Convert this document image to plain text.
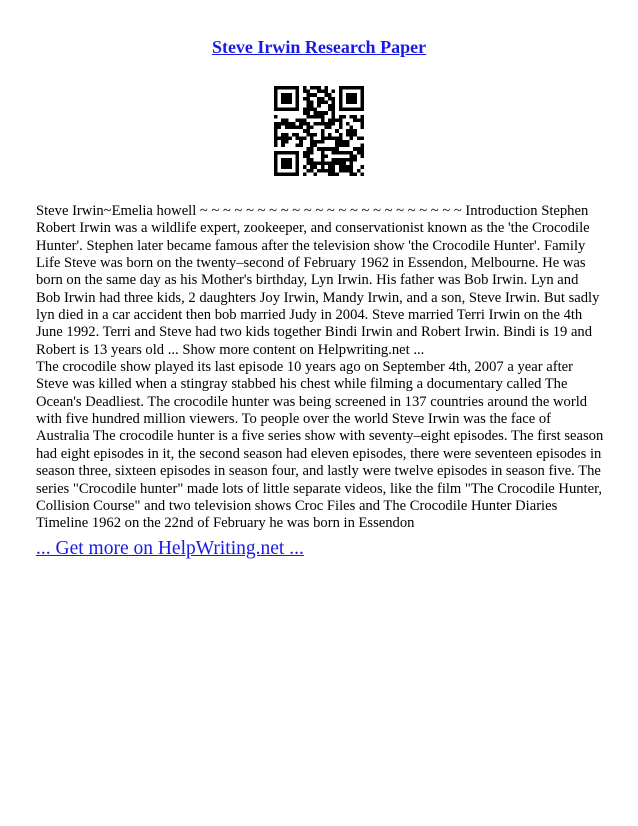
Steve Irwin Research Paper

Steve Irwin~Emelia howell ~ ~ ~ ~ ~ ~ ~ ~ ~ ~ ~ ~ ~ ~ ~ ~ ~ ~ ~ ~ ~ ~ ~ Introduction Stephen Robert Irwin was a wildlife expert, zookeeper, and conservationist known as the 'the Crocodile Hunter'. Stephen later became famous after the television show 'the Crocodile Hunter'. Family Life Steve was born on the twenty–second of February 1962 in Essendon, Melbourne. He was born on the same day as his Mother's birthday, Lyn Irwin. His father was Bob Irwin. Lyn and Bob Irwin had three kids, 2 daughters Joy Irwin, Mandy Irwin, and a son, Steve Irwin. But sadly lyn died in a car accident then bob married Judy in 2004. Steve married Terri Irwin on the 4th June 1992. Terri and Steve had two kids together Bindi Irwin and Robert Irwin. Bindi is 19 and Robert is 13 years old ... Show more content on Helpwriting.net ...

The crocodile show played its last episode 10 years ago on September 4th, 2007 a year after Steve was killed when a stingray stabbed his chest while filming a documentary called The Ocean's Deadliest. The crocodile hunter was being screened in 137 countries around the world with five hundred million viewers. To people over the world Steve Irwin was the face of Australia The crocodile hunter is a five series show with seventy–eight episodes. The first season had eight episodes in it, the second season had eleven episodes, there were seventeen episodes in season three, sixteen episodes in season four, and lastly were twelve episodes in season five. The series "Crocodile hunter" made lots of little separate videos, like the film "The Crocodile Hunter, Collision Course" and two television shows Croc Files and The Crocodile Hunter Diaries Timeline 1962 on the 22nd of February he was born in Essendon

... Get more on HelpWriting.net ...
